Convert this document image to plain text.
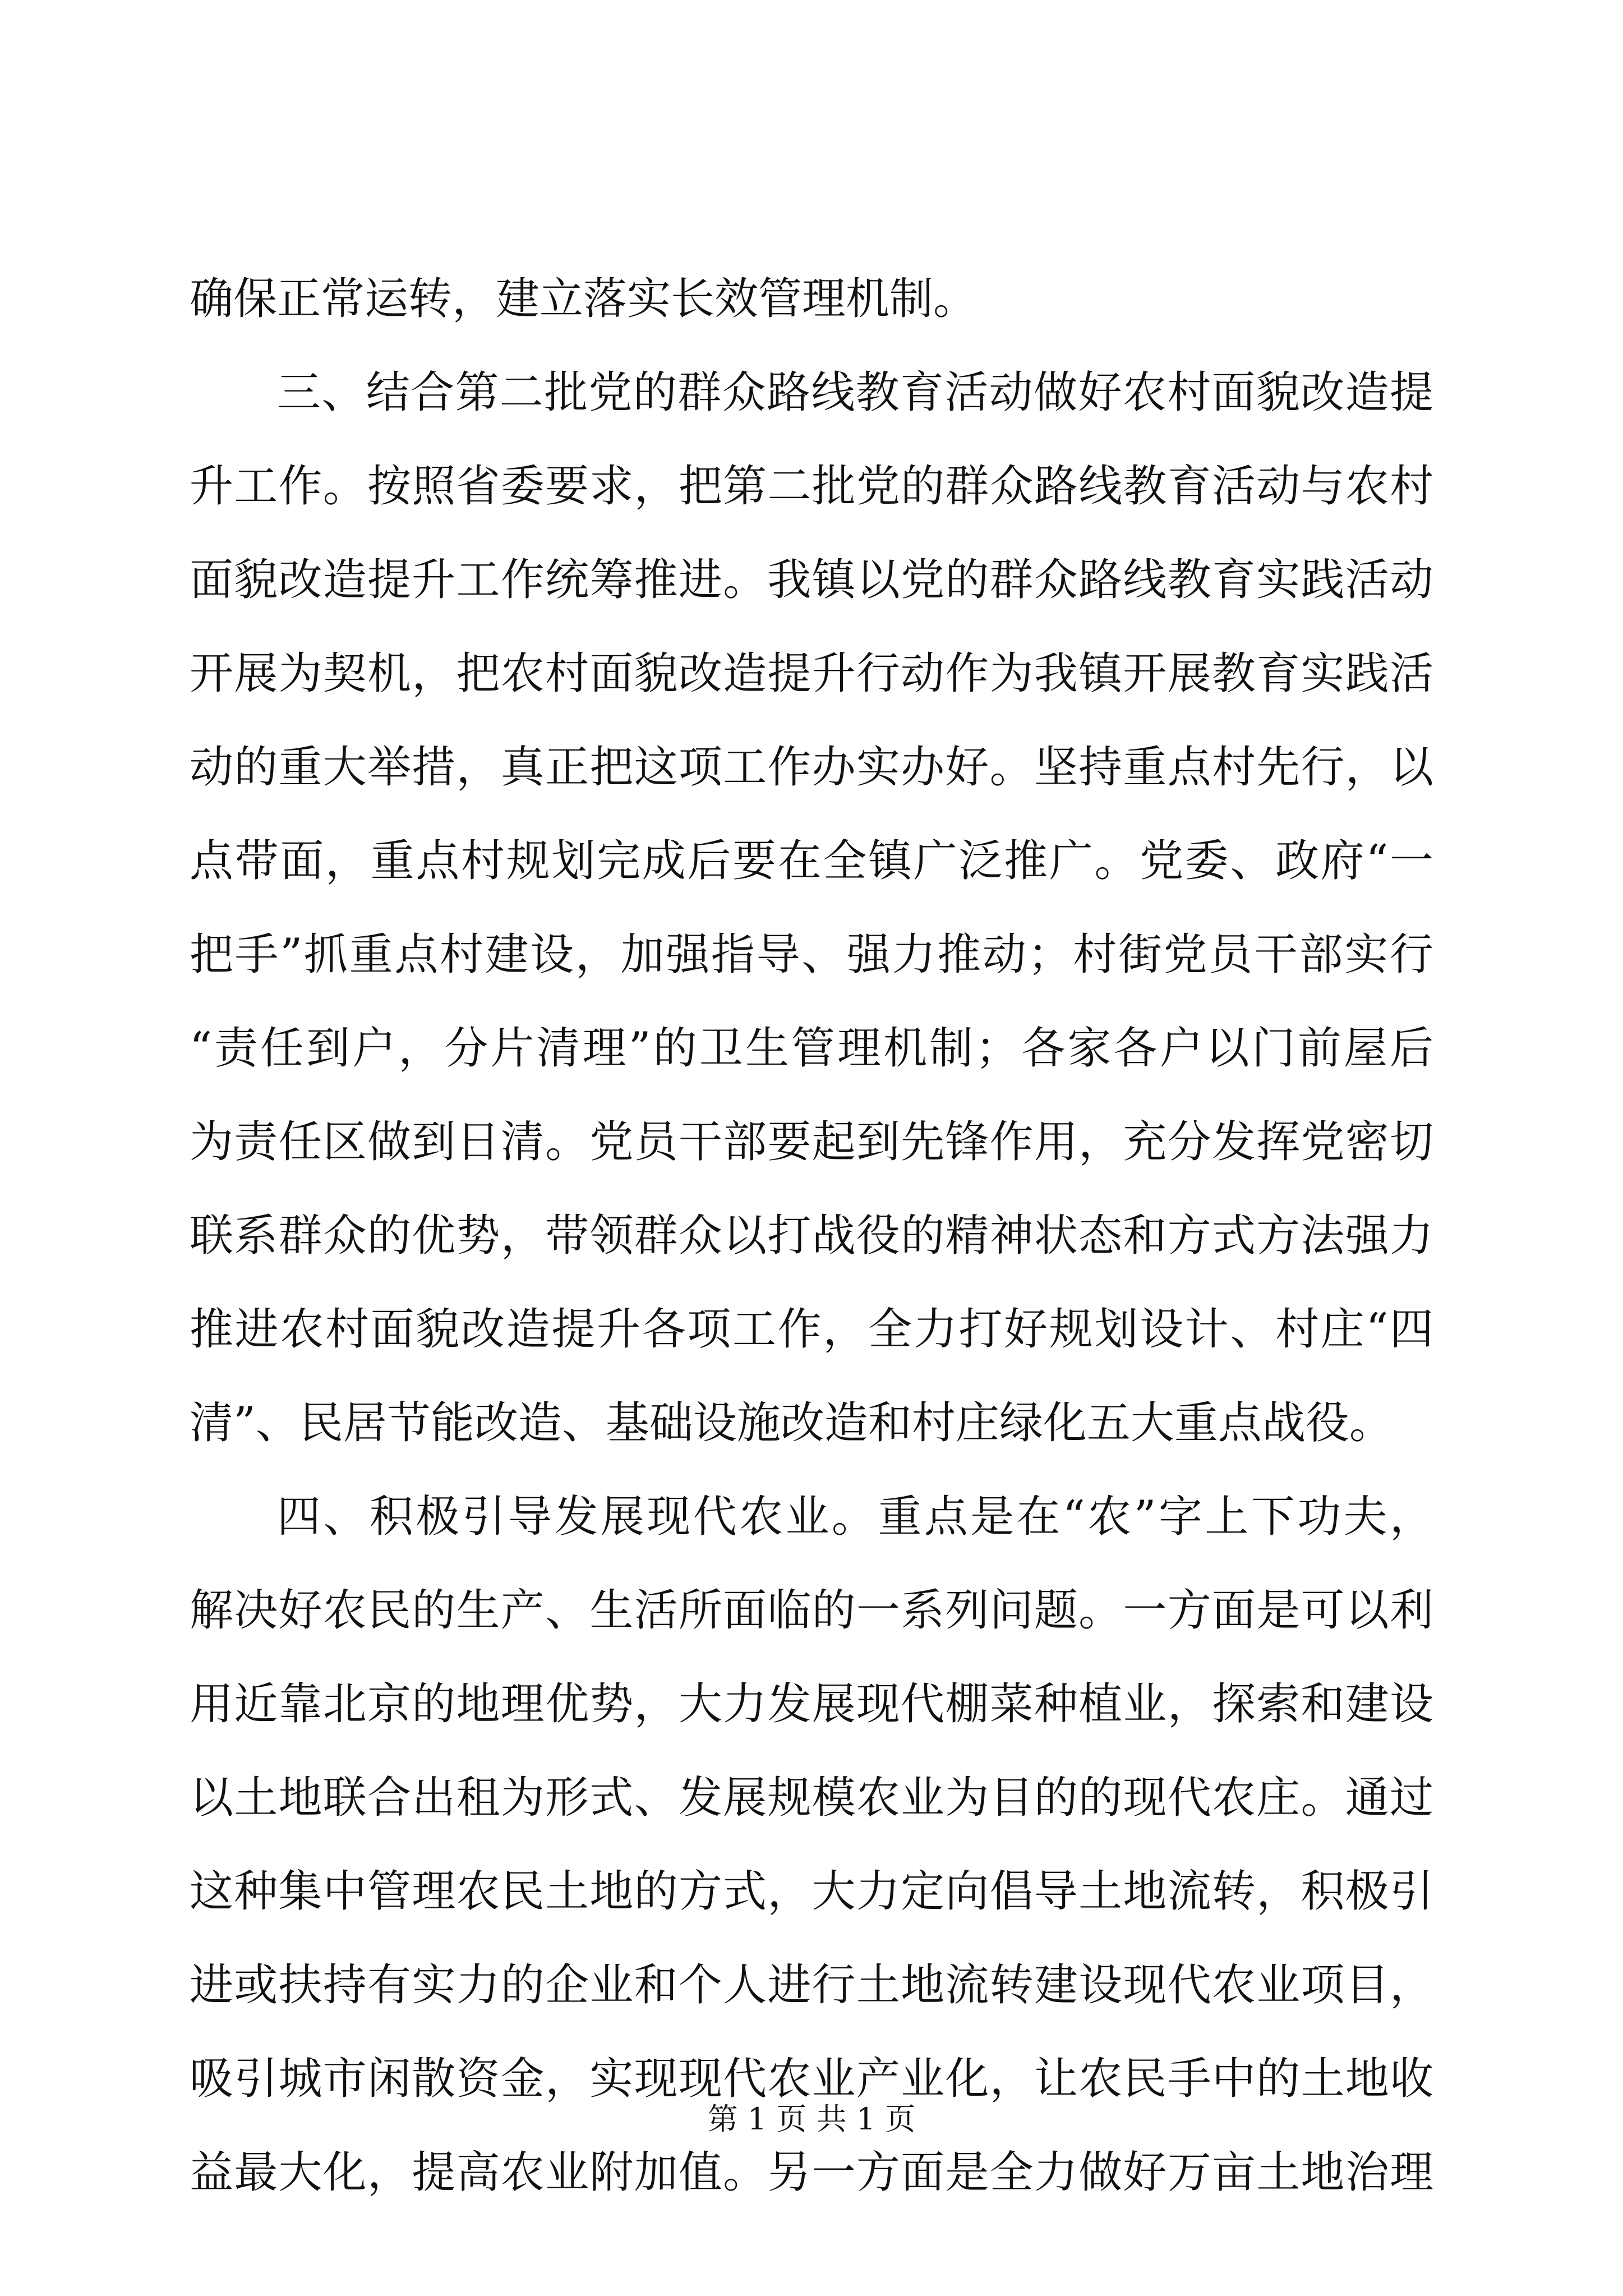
确保正常运转，建立落实长效管理机制。
三、结合第二批党的群众路线教育活动做好农村面貌改造提
升工作。按照省委要求，把第二批党的群众路线教育活动与农村
面貌改造提升工作统筹推进。我镇以党的群众路线教育实践活动
开展为契机，把农村面貌改造提升行动作为我镇开展教育实践活
动的重大举措，真正把这项工作办实办好。坚持重点村先行，以
点带面，重点村规划完成后要在全镇广泛推广。党委、政府“一
把手”抓重点村建设，加强指导、强力推动；村街党员干部实行
“责任到户，分片清理”的卫生管理机制；各家各户以门前屋后
为责任区做到日清。党员干部要起到先锋作用，充分发挥党密切
联系群众的优势，带领群众以打战役的精神状态和方式方法强力
推进农村面貌改造提升各项工作，全力打好规划设计、村庄“四
清”、民居节能改造、基础设施改造和村庄绿化五大重点战役。
四、积极引导发展现代农业。重点是在“农”字上下功夫，
解决好农民的生产、生活所面临的一系列问题。一方面是可以利
用近靠北京的地理优势，大力发展现代棚菜种植业，探索和建设
以土地联合出租为形式、发展规模农业为目的的现代农庄。通过
这种集中管理农民土地的方式，大力定向倡导土地流转，积极引
进或扶持有实力的企业和个人进行土地流转建设现代农业项目，
吸引城市闲散资金，实现现代农业产业化，让农民手中的土地收
益最大化，提高农业附加值。另一方面是全力做好万亩土地治理
第 1 页 共 1 页
